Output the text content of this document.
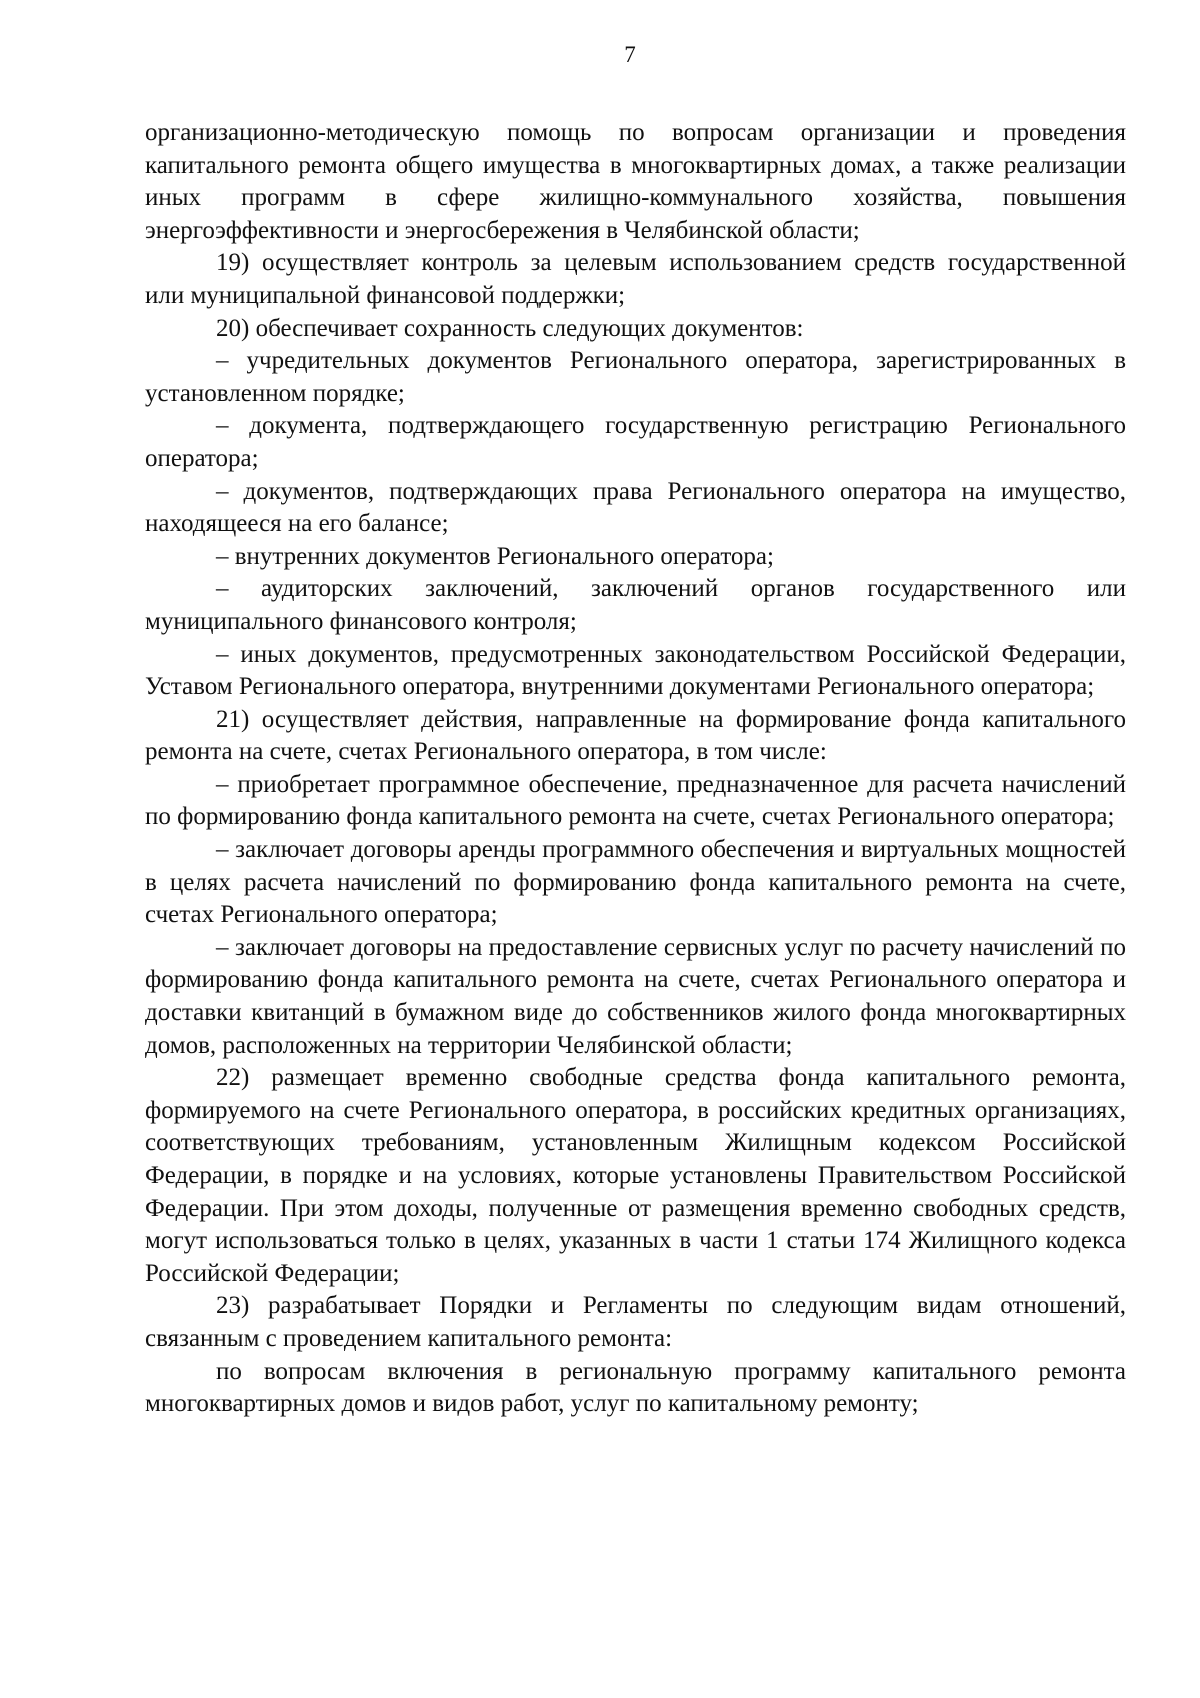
7

организационно-методическую помощь по вопросам организации и проведения капитального ремонта общего имущества в многоквартирных домах, а также реализации иных программ в сфере жилищно-коммунального хозяйства, повышения энергоэффективности и энергосбережения в Челябинской области;

19) осуществляет контроль за целевым использованием средств государственной или муниципальной финансовой поддержки;

20) обеспечивает сохранность следующих документов:

– учредительных документов Регионального оператора, зарегистрированных в установленном порядке;

– документа, подтверждающего государственную регистрацию Регионального оператора;

– документов, подтверждающих права Регионального оператора на имущество, находящееся на его балансе;

– внутренних документов Регионального оператора;

– аудиторских заключений, заключений органов государственного или муниципального финансового контроля;

– иных документов, предусмотренных законодательством Российской Федерации, Уставом Регионального оператора, внутренними документами Регионального оператора;

21) осуществляет действия, направленные на формирование фонда капитального ремонта на счете, счетах Регионального оператора, в том числе:

– приобретает программное обеспечение, предназначенное для расчета начислений по формированию фонда капитального ремонта на счете, счетах Регионального оператора;

– заключает договоры аренды программного обеспечения и виртуальных мощностей в целях расчета начислений по формированию фонда капитального ремонта на счете, счетах Регионального оператора;

– заключает договоры на предоставление сервисных услуг по расчету начислений по формированию фонда капитального ремонта на счете, счетах Регионального оператора и доставки квитанций в бумажном виде до собственников жилого фонда многоквартирных домов, расположенных на территории Челябинской области;

22) размещает временно свободные средства фонда капитального ремонта, формируемого на счете Регионального оператора, в российских кредитных организациях, соответствующих требованиям, установленным Жилищным кодексом Российской Федерации, в порядке и на условиях, которые установлены Правительством Российской Федерации. При этом доходы, полученные от размещения временно свободных средств, могут использоваться только в целях, указанных в части 1 статьи 174 Жилищного кодекса Российской Федерации;

23) разрабатывает Порядки и Регламенты по следующим видам отношений, связанным с проведением капитального ремонта:

по вопросам включения в региональную программу капитального ремонта многоквартирных домов и видов работ, услуг по капитальному ремонту;
